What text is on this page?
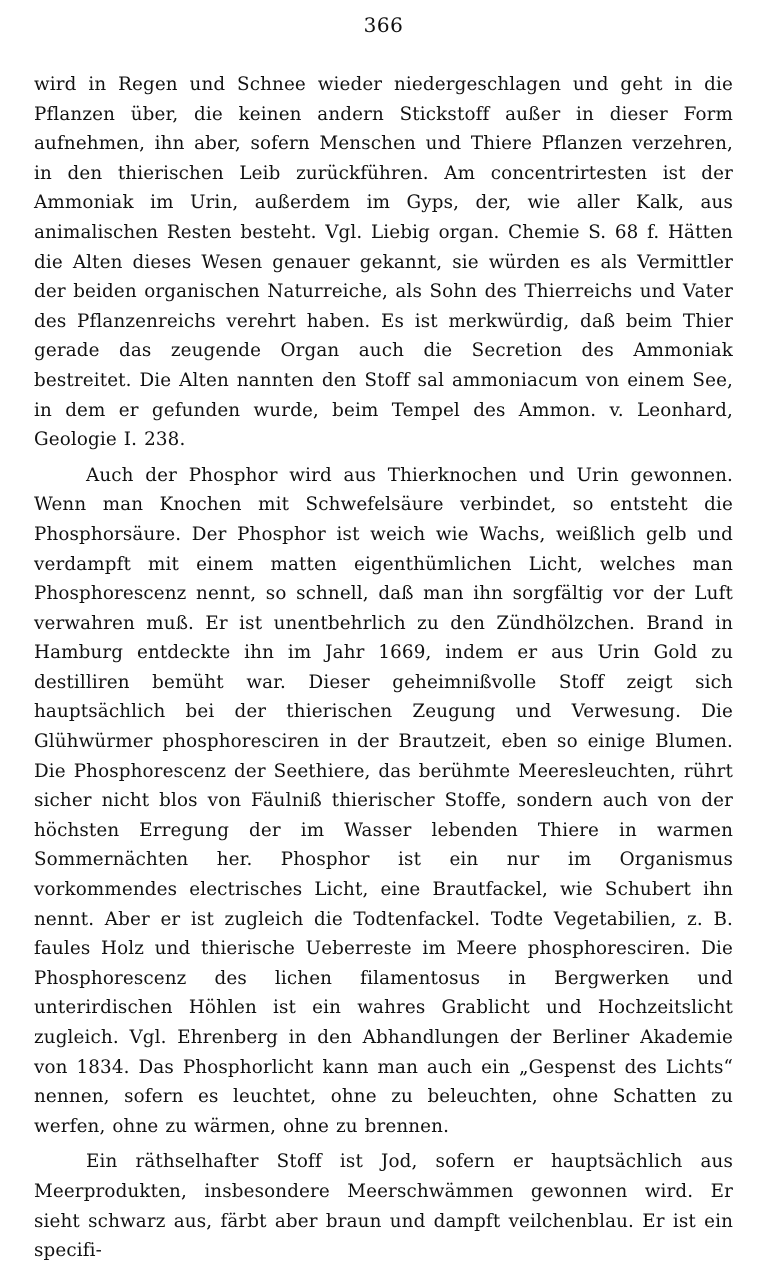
366

wird in Regen und Schnee wieder niedergeschlagen und geht in die Pflanzen über, die keinen andern Stickstoff außer in dieser Form aufnehmen, ihn aber, sofern Menschen und Thiere Pflanzen verzehren, in den thierischen Leib zurückführen. Am concentrirtesten ist der Ammoniak im Urin, außerdem im Gyps, der, wie aller Kalk, aus animalischen Resten besteht. Vgl. Liebig organ. Chemie S. 68 f. Hätten die Alten dieses Wesen genauer gekannt, sie würden es als Vermittler der beiden organischen Naturreiche, als Sohn des Thierreichs und Vater des Pflanzenreichs verehrt haben. Es ist merkwürdig, daß beim Thier gerade das zeugende Organ auch die Secretion des Ammoniak bestreitet. Die Alten nannten den Stoff sal ammoniacum von einem See, in dem er gefunden wurde, beim Tempel des Ammon. v. Leonhard, Geologie I. 238.

Auch der Phosphor wird aus Thierknochen und Urin gewonnen. Wenn man Knochen mit Schwefelsäure verbindet, so entsteht die Phosphorsäure. Der Phosphor ist weich wie Wachs, weißlich gelb und verdampft mit einem matten eigenthümlichen Licht, welches man Phosphorescenz nennt, so schnell, daß man ihn sorgfältig vor der Luft verwahren muß. Er ist unentbehrlich zu den Zündhölzchen. Brand in Hamburg entdeckte ihn im Jahr 1669, indem er aus Urin Gold zu destilliren bemüht war. Dieser geheimnißvolle Stoff zeigt sich hauptsächlich bei der thierischen Zeugung und Verwesung. Die Glühwürmer phosphoresciren in der Brautzeit, eben so einige Blumen. Die Phosphorescenz der Seethiere, das berühmte Meeresleuchten, rührt sicher nicht blos von Fäulniß thierischer Stoffe, sondern auch von der höchsten Erregung der im Wasser lebenden Thiere in warmen Sommernächten her. Phosphor ist ein nur im Organismus vorkommendes electrisches Licht, eine Brautfackel, wie Schubert ihn nennt. Aber er ist zugleich die Todtenfackel. Todte Vegetabilien, z. B. faules Holz und thierische Ueberreste im Meere phosphoresciren. Die Phosphorescenz des lichen filamentosus in Bergwerken und unterirdischen Höhlen ist ein wahres Grablicht und Hochzeitslicht zugleich. Vgl. Ehrenberg in den Abhandlungen der Berliner Akademie von 1834. Das Phosphorlicht kann man auch ein „Gespenst des Lichts“ nennen, sofern es leuchtet, ohne zu beleuchten, ohne Schatten zu werfen, ohne zu wärmen, ohne zu brennen.

Ein räthselhafter Stoff ist Jod, sofern er hauptsächlich aus Meerprodukten, insbesondere Meerschwämmen gewonnen wird. Er sieht schwarz aus, färbt aber braun und dampft veilchenblau. Er ist ein specifi-
